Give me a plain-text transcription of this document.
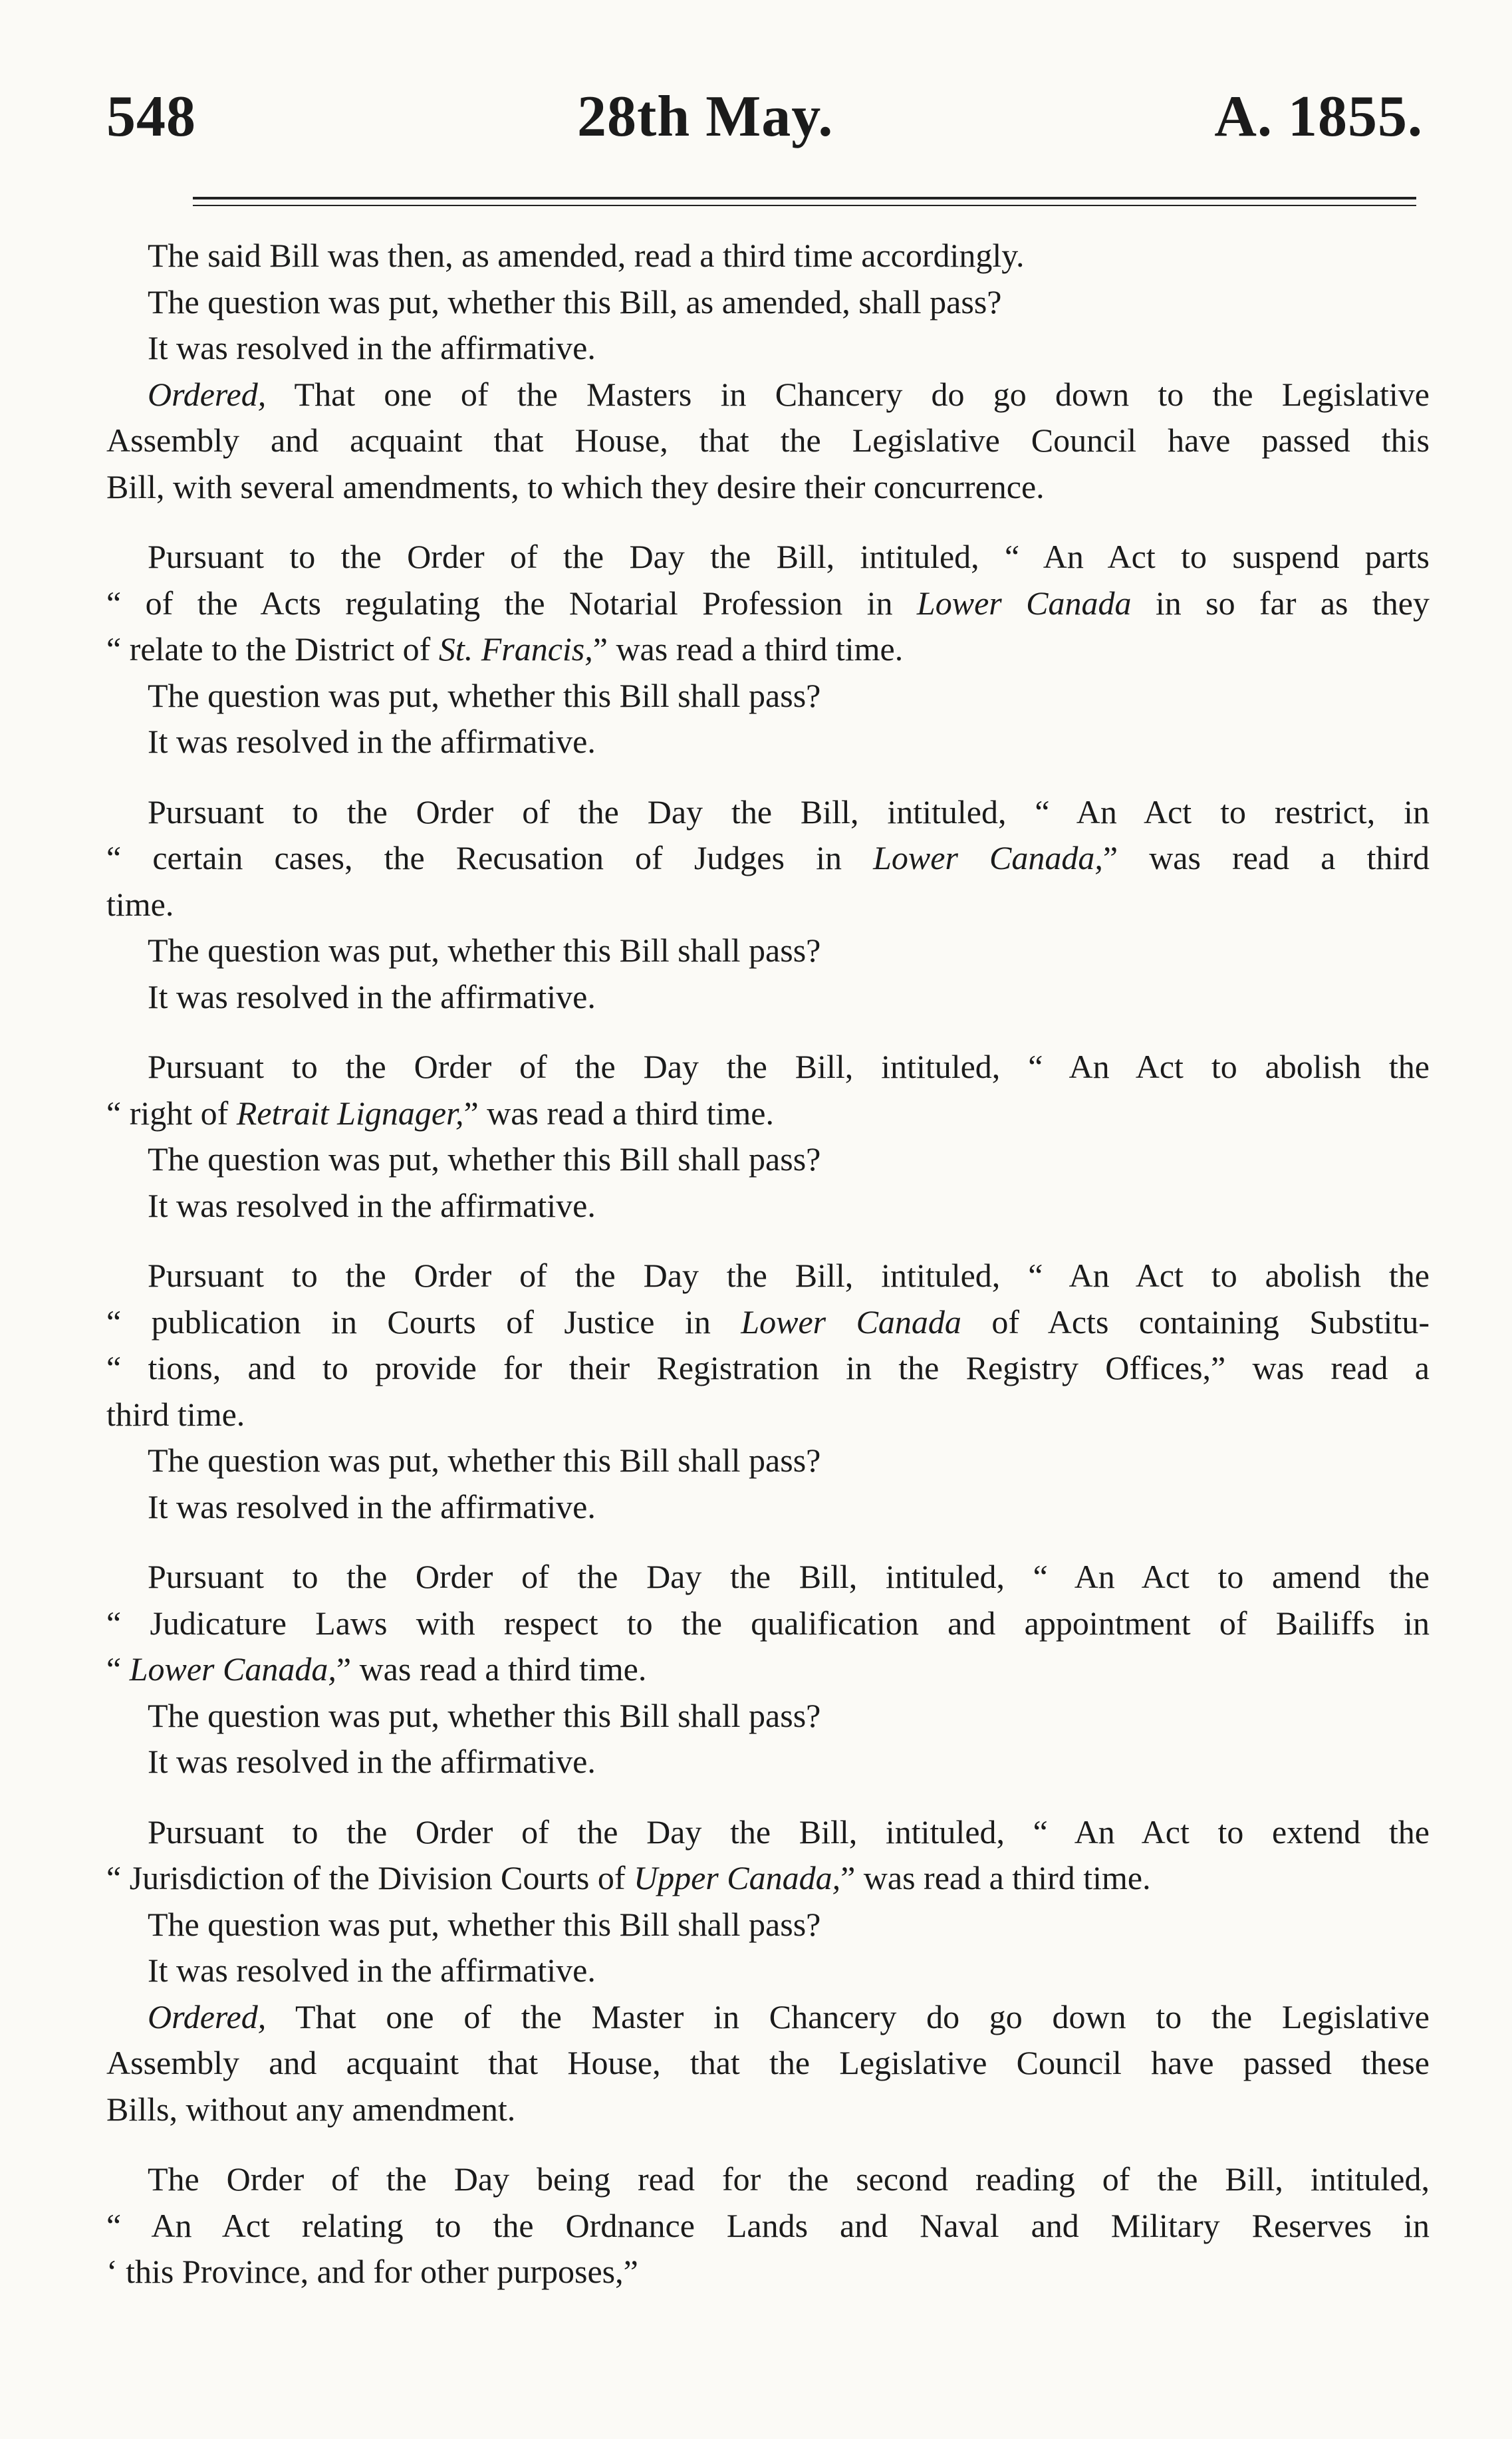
548	28th May.	A. 1855.
The said Bill was then, as amended, read a third time accordingly.
The question was put, whether this Bill, as amended, shall pass?
It was resolved in the affirmative.
Ordered, That one of the Masters in Chancery do go down to the Legislative
Assembly and acquaint that House, that the Legislative Council have passed this
Bill, with several amendments, to which they desire their concurrence.
Pursuant to the Order of the Day the Bill, intituled, “ An Act to suspend parts
“ of the Acts regulating the Notarial Profession in Lower Canada in so far as they
“ relate to the District of St. Francis,” was read a third time.
The question was put, whether this Bill shall pass?
It was resolved in the affirmative.
Pursuant to the Order of the Day the Bill, intituled, “ An Act to restrict, in
“ certain cases, the Recusation of Judges in Lower Canada,” was read a third
time.
The question was put, whether this Bill shall pass?
It was resolved in the affirmative.
Pursuant to the Order of the Day the Bill, intituled, “ An Act to abolish the
“ right of Retrait Lignager,” was read a third time.
The question was put, whether this Bill shall pass?
It was resolved in the affirmative.
Pursuant to the Order of the Day the Bill, intituled, “ An Act to abolish the
“ publication in Courts of Justice in Lower Canada of Acts containing Substitu-
“ tions, and to provide for their Registration in the Registry Offices,” was read a
third time.
The question was put, whether this Bill shall pass?
It was resolved in the affirmative.
Pursuant to the Order of the Day the Bill, intituled, “ An Act to amend the
“ Judicature Laws with respect to the qualification and appointment of Bailiffs in
“ Lower Canada,” was read a third time.
The question was put, whether this Bill shall pass?
It was resolved in the affirmative.
Pursuant to the Order of the Day the Bill, intituled, “ An Act to extend the
“ Jurisdiction of the Division Courts of Upper Canada,” was read a third time.
The question was put, whether this Bill shall pass?
It was resolved in the affirmative.
Ordered, That one of the Master in Chancery do go down to the Legislative
Assembly and acquaint that House, that the Legislative Council have passed these
Bills, without any amendment.
The Order of the Day being read for the second reading of the Bill, intituled,
“ An Act relating to the Ordnance Lands and Naval and Military Reserves in
‘ this Province, and for other purposes,”
